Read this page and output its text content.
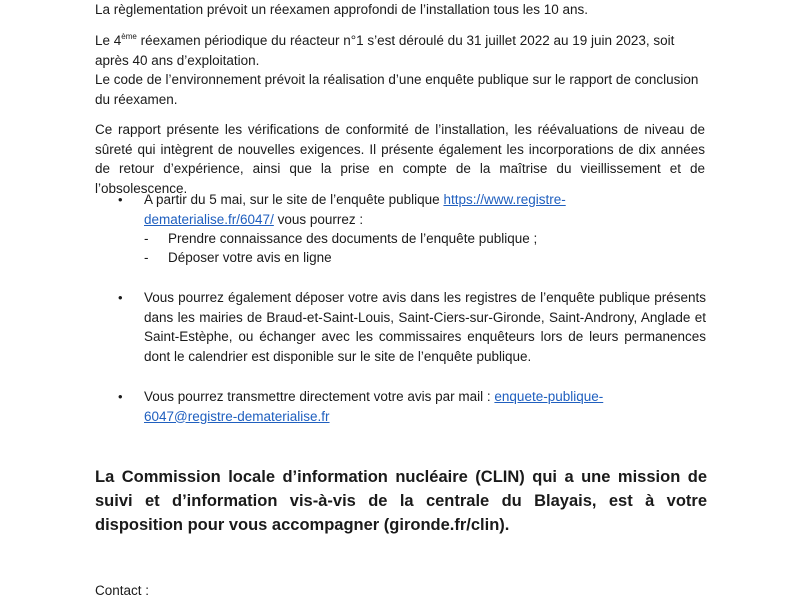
La règlementation prévoit un réexamen approfondi de l’installation tous les 10 ans.

Le 4ème réexamen périodique du réacteur n°1 s’est déroulé du 31 juillet 2022 au 19 juin 2023, soit après 40 ans d’exploitation.
Le code de l’environnement prévoit la réalisation d’une enquête publique sur le rapport de conclusion du réexamen.

Ce rapport présente les vérifications de conformité de l’installation, les réévaluations de niveau de sûreté qui intègrent de nouvelles exigences. Il présente également les incorporations de dix années de retour d’expérience, ainsi que la prise en compte de la maîtrise du vieillissement et de l’obsolescence.

• A partir du 5 mai, sur le site de l’enquête publique https://www.registre-dematerialise.fr/6047/ vous pourrez :

- Prendre connaissance des documents de l’enquête publique ;
- Déposer votre avis en ligne
• Vous pourrez également déposer votre avis dans les registres de l’enquête publique présents dans les mairies de Braud-et-Saint-Louis, Saint-Ciers-sur-Gironde, Saint-Androny, Anglade et Saint-Estèphe, ou échanger avec les commissaires enquêteurs lors de leurs permanences dont le calendrier est disponible sur le site de l’enquête publique.

• Vous pourrez transmettre directement votre avis par mail : enquete-publique-6047@registre-dematerialise.fr

La Commission locale d’information nucléaire (CLIN) qui a une mission de suivi et d’information vis-à-vis de la centrale du Blayais, est à votre disposition pour vous accompagner (gironde.fr/clin).

Contact :
